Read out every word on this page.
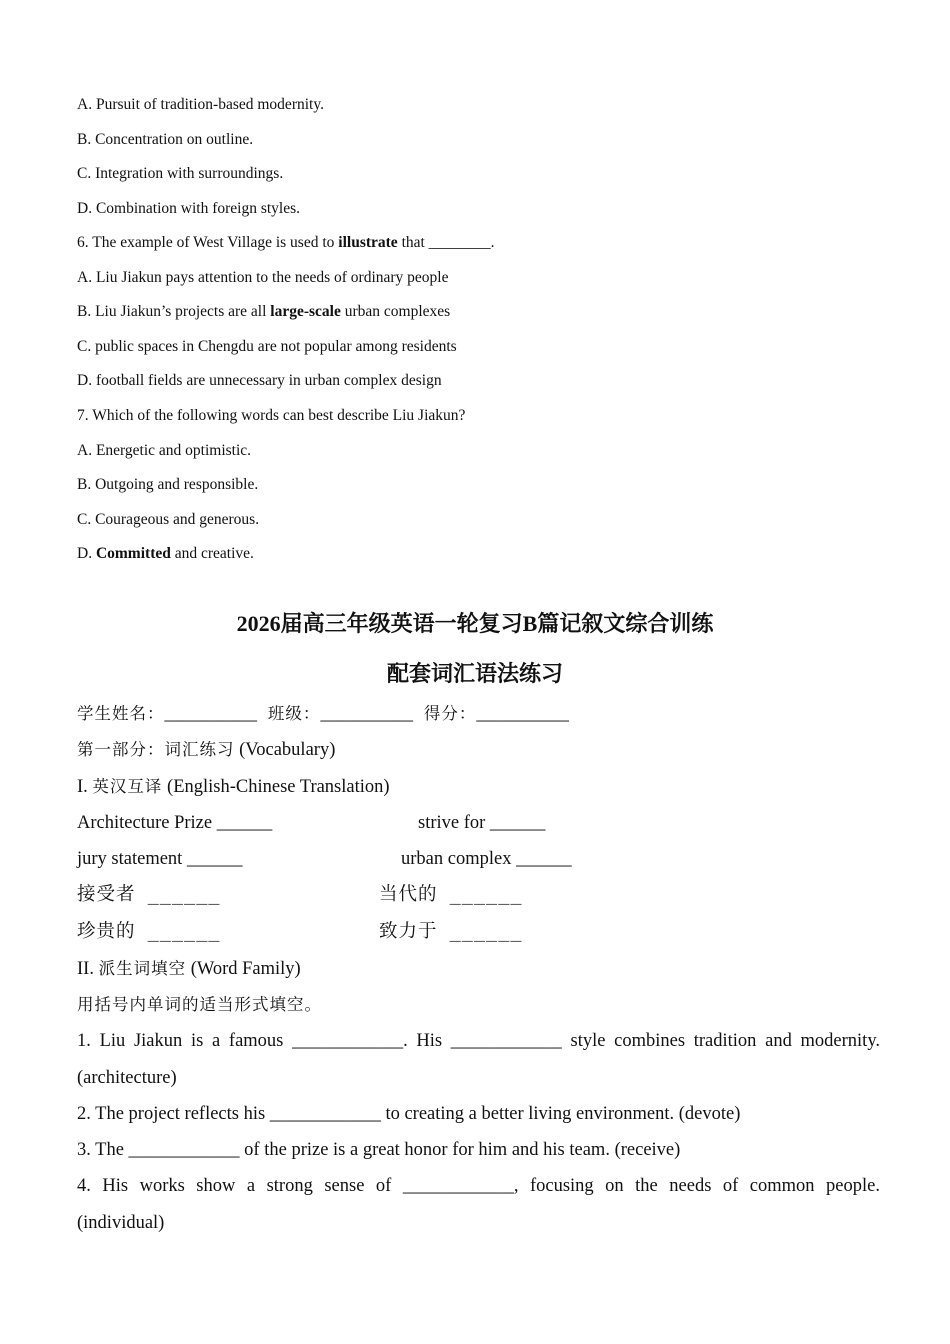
A. Pursuit of tradition-based modernity.
B. Concentration on outline.
C. Integration with surroundings.
D. Combination with foreign styles.
6. The example of West Village is used to illustrate that ________.
A. Liu Jiakun pays attention to the needs of ordinary people
B. Liu Jiakun’s projects are all large-scale urban complexes
C. public spaces in Chengdu are not popular among residents
D. football fields are unnecessary in urban complex design
7. Which of the following words can best describe Liu Jiakun?
A. Energetic and optimistic.
B. Outgoing and responsible.
C. Courageous and generous.
D. Committed and creative.
2026届高三年级英语一轮复习B篇记叙文综合训练
配套词汇语法练习
学生姓名：__________ 班级：__________ 得分：__________
第一部分：词汇练习 (Vocabulary)
I. 英汉互译 (English-Chinese Translation)
Architecture Prize ______	strive for ______
jury statement ______	urban complex ______
接受者 ______	当代的 ______
珍贵的 ______	致力于 ______
II. 派生词填空 (Word Family)
用括号内单词的适当形式填空。
1. Liu Jiakun is a famous ____________. His ____________ style combines tradition and modernity.
(architecture)
2. The project reflects his ____________ to creating a better living environment. (devote)
3. The ____________ of the prize is a great honor for him and his team. (receive)
4. His works show a strong sense of ____________, focusing on the needs of common people.
(individual)
